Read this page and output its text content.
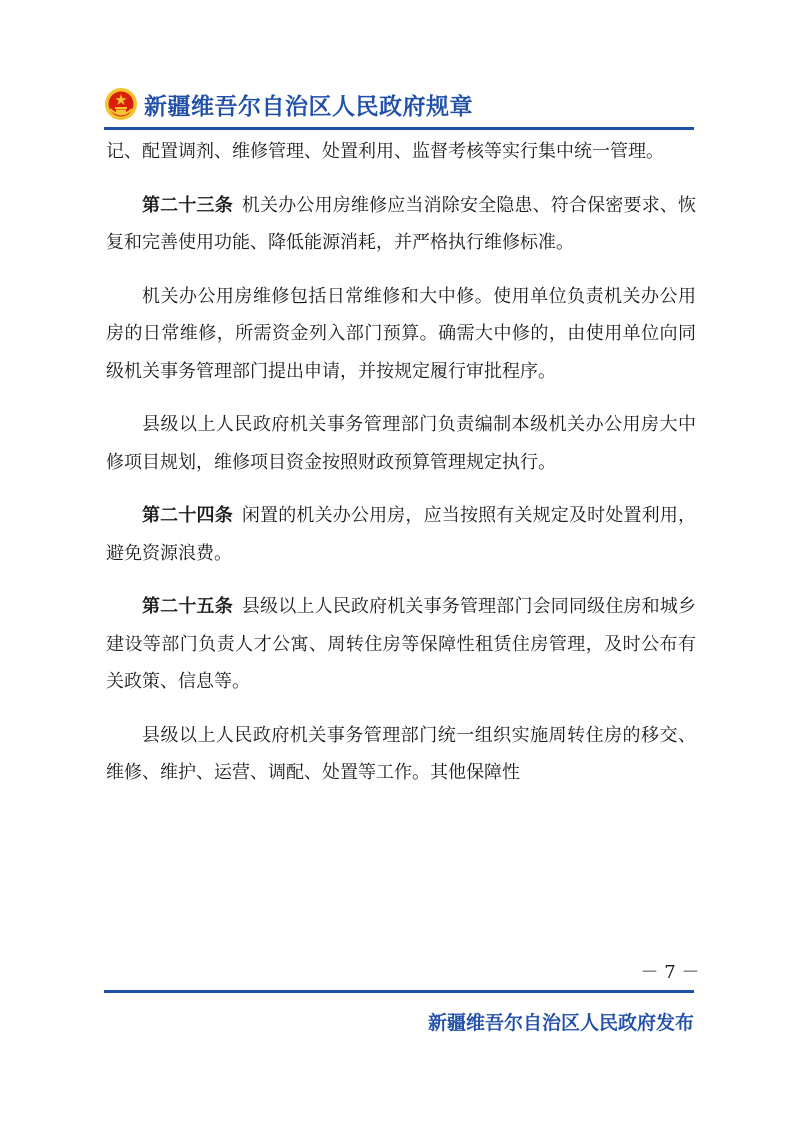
新疆维吾尔自治区人民政府规章

记、配置调剂、维修管理、处置利用、监督考核等实行集中统一管理。

第二十三条 机关办公用房维修应当消除安全隐患、符合保密要求、恢复和完善使用功能、降低能源消耗，并严格执行维修标准。

机关办公用房维修包括日常维修和大中修。使用单位负责机关办公用房的日常维修，所需资金列入部门预算。确需大中修的，由使用单位向同级机关事务管理部门提出申请，并按规定履行审批程序。

县级以上人民政府机关事务管理部门负责编制本级机关办公用房大中修项目规划，维修项目资金按照财政预算管理规定执行。

第二十四条 闲置的机关办公用房，应当按照有关规定及时处置利用，避免资源浪费。

第二十五条 县级以上人民政府机关事务管理部门会同同级住房和城乡建设等部门负责人才公寓、周转住房等保障性租赁住房管理，及时公布有关政策、信息等。

县级以上人民政府机关事务管理部门统一组织实施周转住房的移交、维修、维护、运营、调配、处置等工作。其他保障性

－ 7 －
新疆维吾尔自治区人民政府发布
